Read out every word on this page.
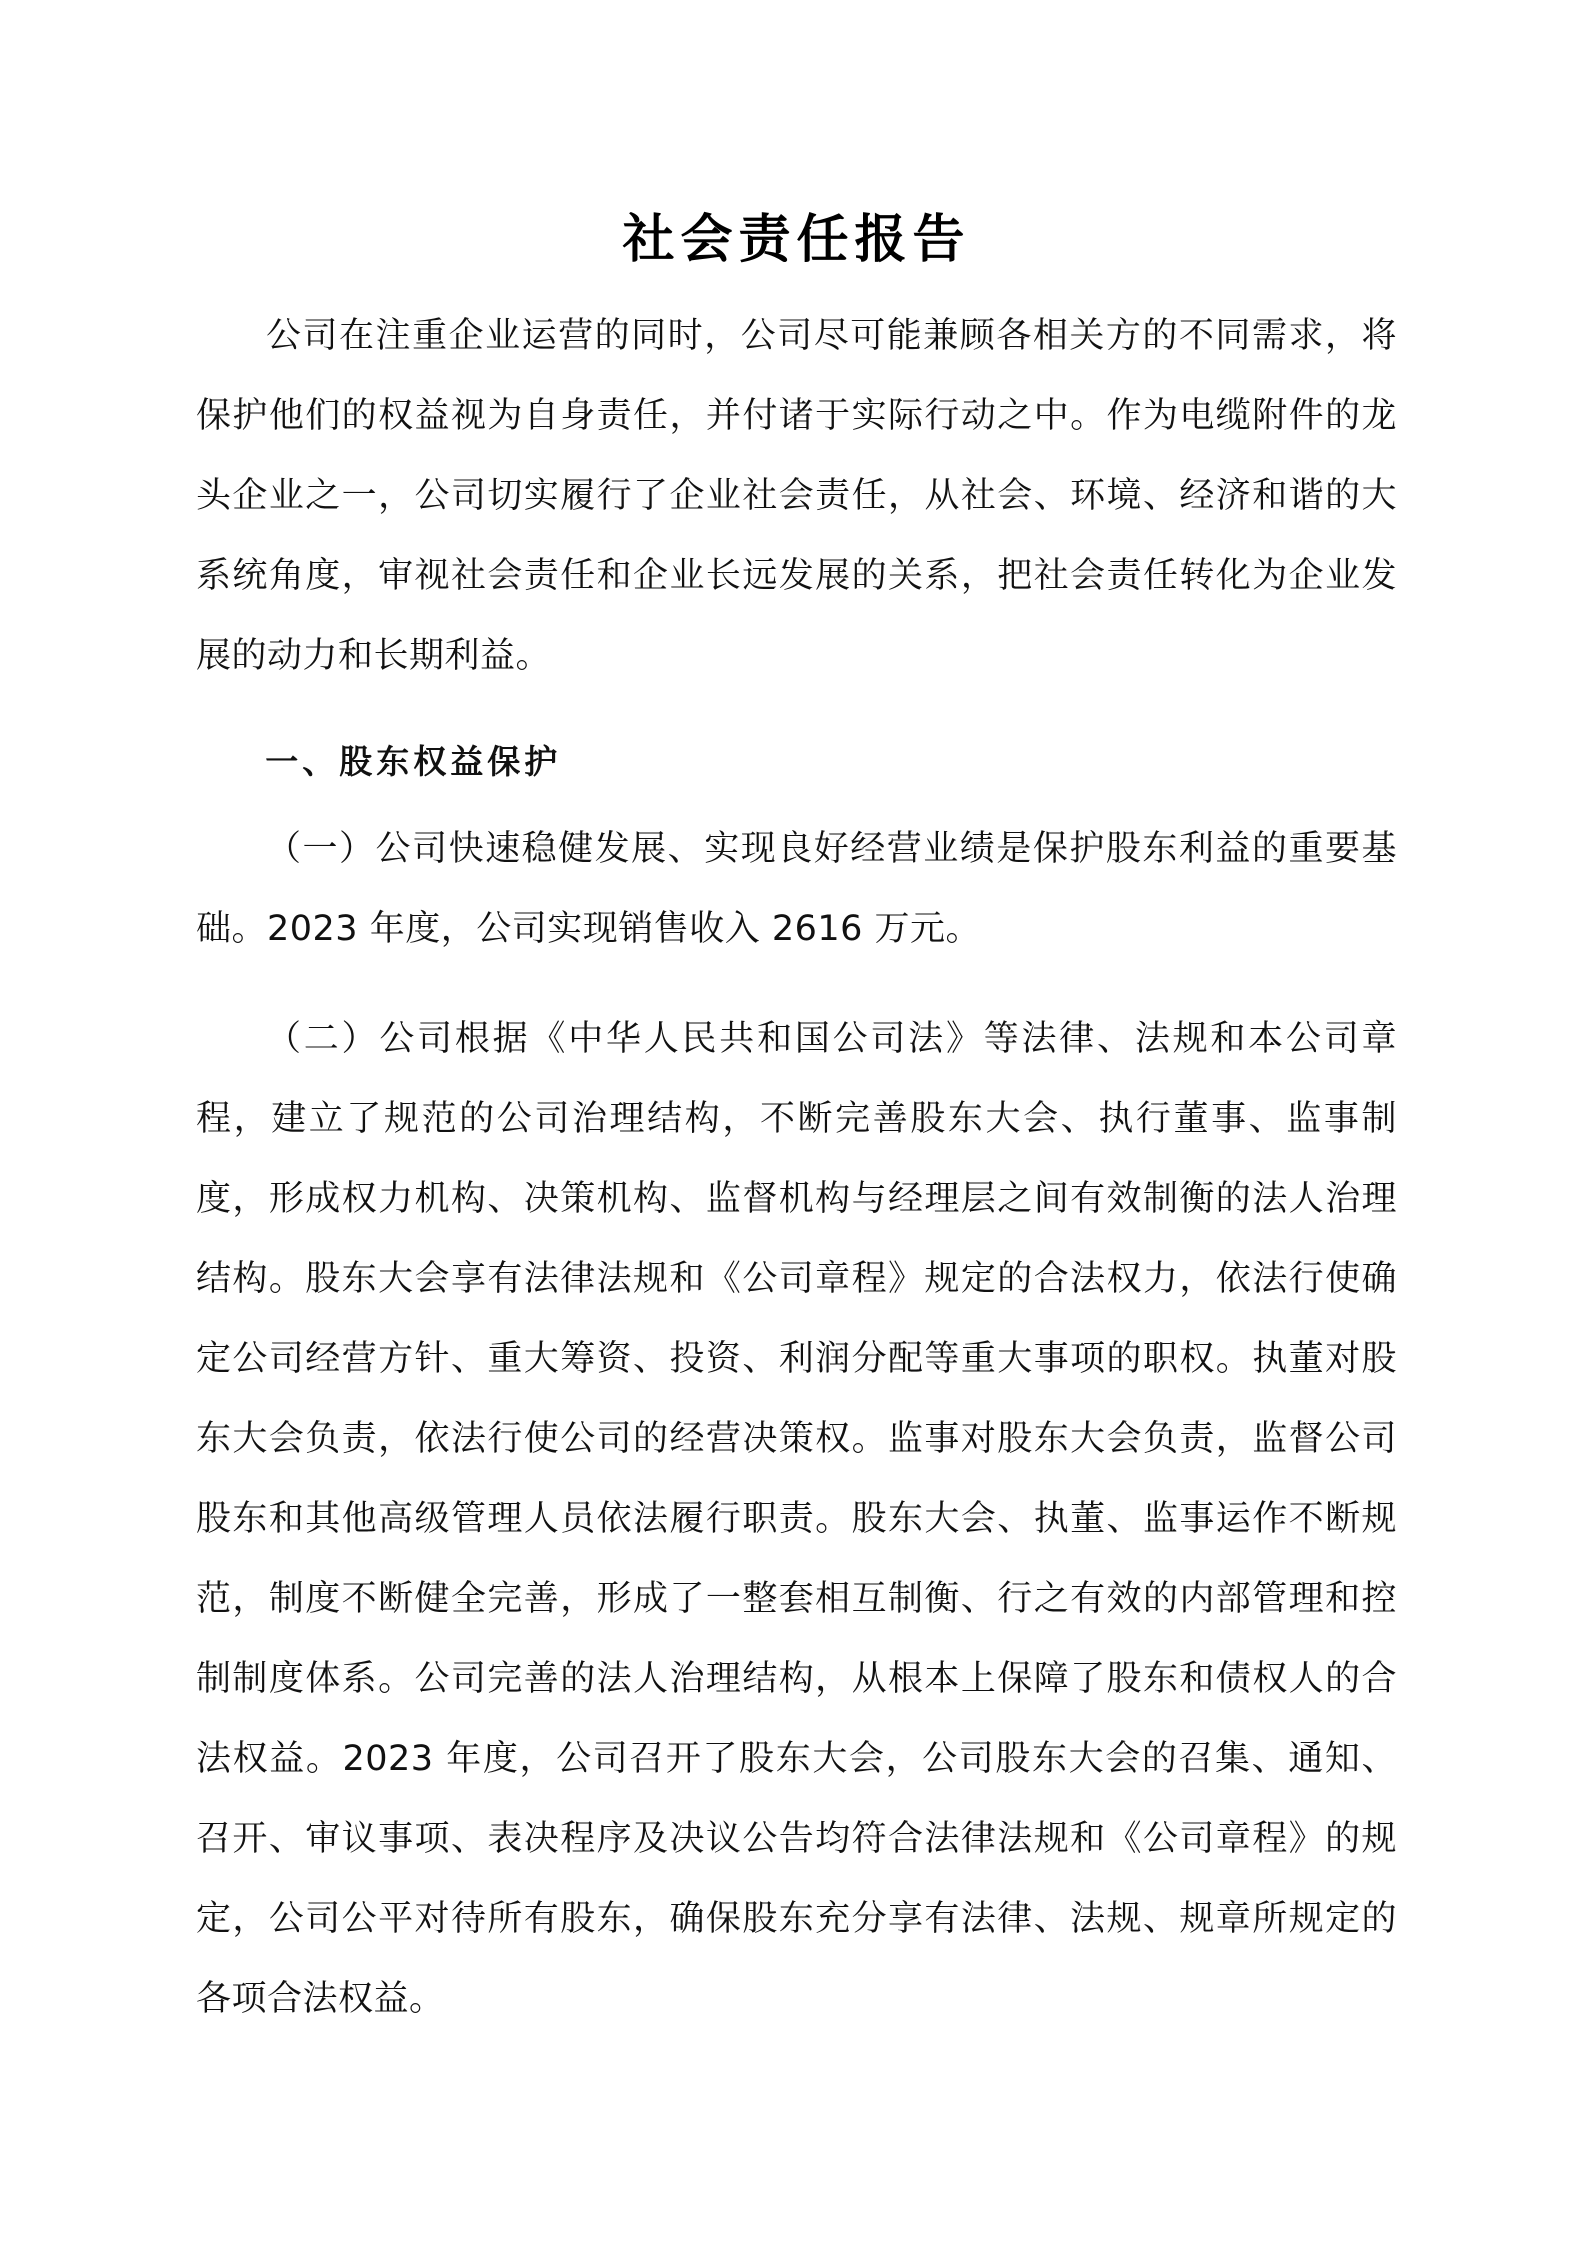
社会责任报告

公司在注重企业运营的同时，公司尽可能兼顾各相关方的不同需求，将保护他们的权益视为自身责任，并付诸于实际行动之中。作为电缆附件的龙头企业之一，公司切实履行了企业社会责任，从社会、环境、经济和谐的大系统角度，审视社会责任和企业长远发展的关系，把社会责任转化为企业发展的动力和长期利益。

一、股东权益保护

（一）公司快速稳健发展、实现良好经营业绩是保护股东利益的重要基础。2023 年度，公司实现销售收入 2616 万元。

（二）公司根据《中华人民共和国公司法》等法律、法规和本公司章程，建立了规范的公司治理结构，不断完善股东大会、执行董事、监事制度，形成权力机构、决策机构、监督机构与经理层之间有效制衡的法人治理结构。股东大会享有法律法规和《公司章程》规定的合法权力，依法行使确定公司经营方针、重大筹资、投资、利润分配等重大事项的职权。执董对股东大会负责，依法行使公司的经营决策权。监事对股东大会负责，监督公司股东和其他高级管理人员依法履行职责。股东大会、执董、监事运作不断规范，制度不断健全完善，形成了一整套相互制衡、行之有效的内部管理和控制制度体系。公司完善的法人治理结构，从根本上保障了股东和债权人的合法权益。2023 年度，公司召开了股东大会，公司股东大会的召集、通知、召开、审议事项、表决程序及决议公告均符合法律法规和《公司章程》的规定，公司公平对待所有股东，确保股东充分享有法律、法规、规章所规定的各项合法权益。
